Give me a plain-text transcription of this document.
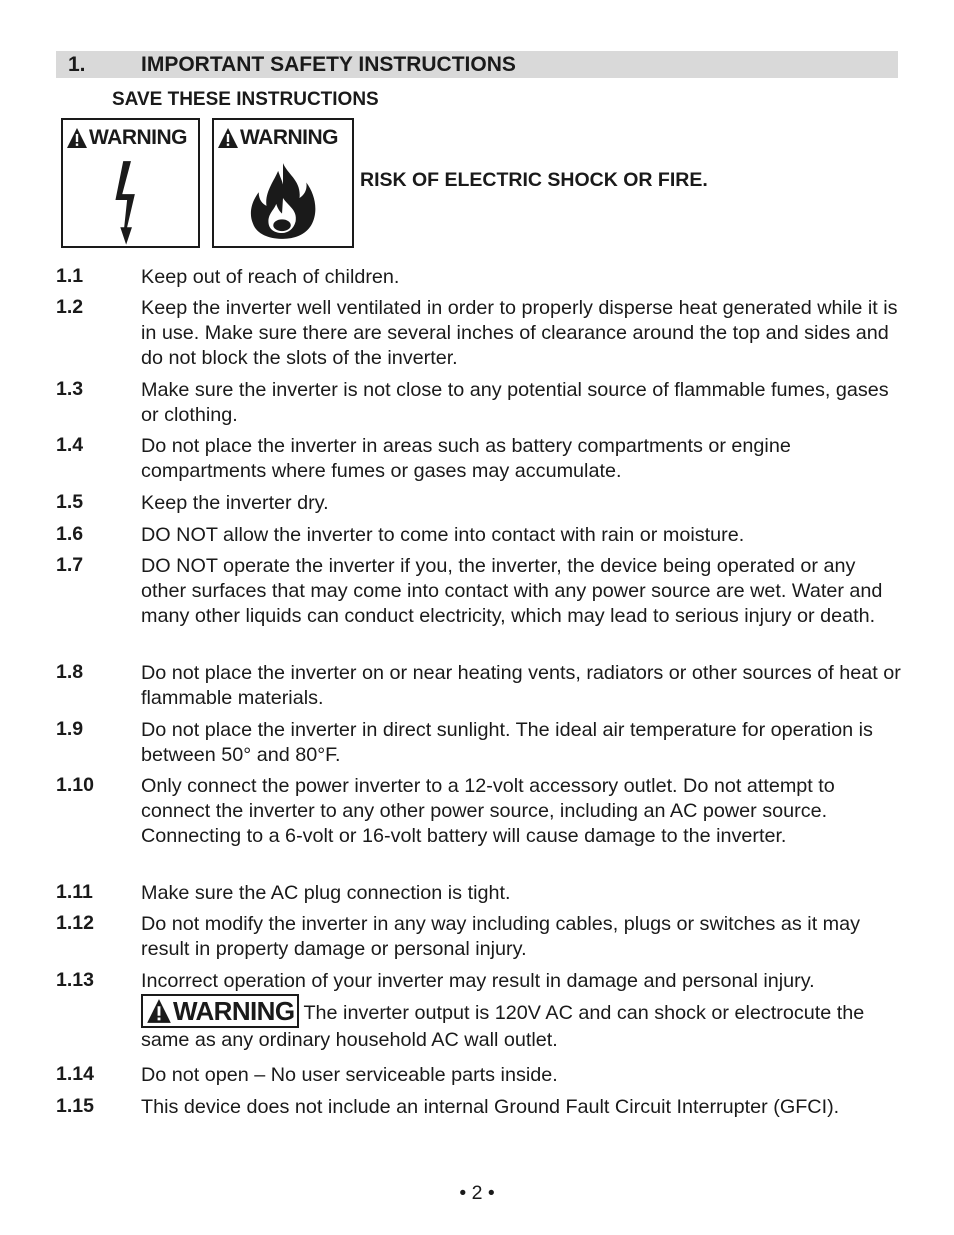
1.	IMPORTANT SAFETY INSTRUCTIONS
SAVE THESE INSTRUCTIONS
WARNING	WARNING
RISK OF ELECTRIC SHOCK OR FIRE.
1.1	Keep out of reach of children.
1.2	Keep the inverter well ventilated in order to properly disperse heat generated while it is in use. Make sure there are several inches of clearance around the top and sides and do not block the slots of the inverter.
1.3	Make sure the inverter is not close to any potential source of flammable fumes, gases or clothing.
1.4	Do not place the inverter in areas such as battery compartments or engine compartments where fumes or gases may accumulate.
1.5	Keep the inverter dry.
1.6	DO NOT allow the inverter to come into contact with rain or moisture.
1.7	DO NOT operate the inverter if you, the inverter, the device being operated or any other surfaces that may come into contact with any power source are wet. Water and many other liquids can conduct electricity, which may lead to serious injury or death.
1.8	Do not place the inverter on or near heating vents, radiators or other sources of heat or flammable materials.
1.9	Do not place the inverter in direct sunlight. The ideal air temperature for operation is between 50° and 80°F.
1.10 Only connect the power inverter to a 12-volt accessory outlet. Do not attempt to connect the inverter to any other power source, including an AC power source. Connecting to a 6-volt or 16-volt battery will cause damage to the inverter.
1.11 Make sure the AC plug connection is tight.
1.12 Do not modify the inverter in any way including cables, plugs or switches as it may result in property damage or personal injury.
1.13 Incorrect operation of your inverter may result in damage and personal injury.

WARNING The inverter output is 120V AC and can shock or electrocute the same as any ordinary household AC wall outlet.
1.14 Do not open – No user serviceable parts inside.
1.15 This device does not include an internal Ground Fault Circuit Interrupter (GFCI).
• 2 •
